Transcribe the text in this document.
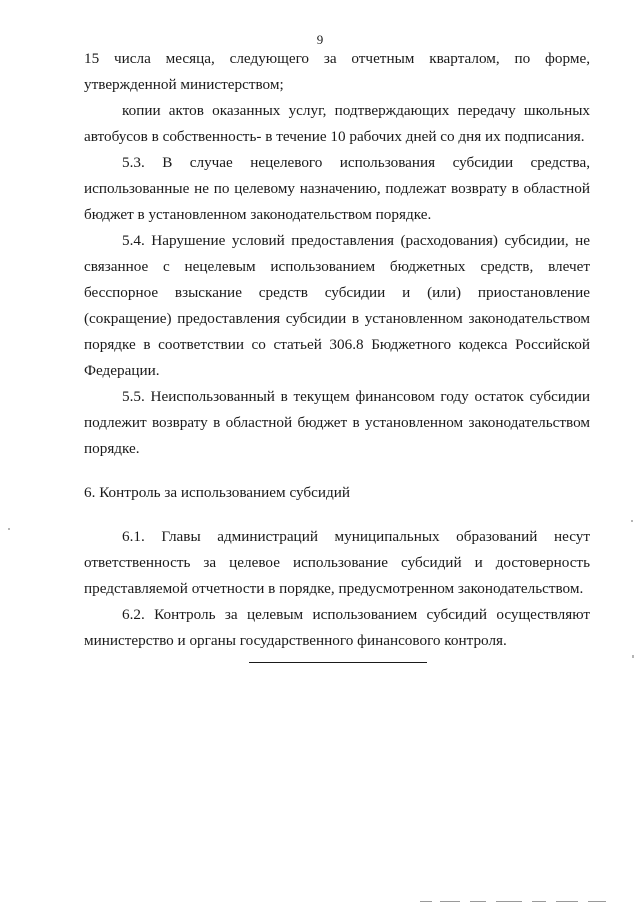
9

15 числа месяца, следующего за отчетным кварталом, по форме, утвержденной министерством;

копии актов оказанных услуг, подтверждающих передачу школьных автобусов в собственность- в течение 10 рабочих дней со дня их подписания.

5.3. В случае нецелевого использования субсидии средства, использованные не по целевому назначению, подлежат возврату в областной бюджет в установленном законодательством порядке.

5.4. Нарушение условий предоставления (расходования) субсидии, не связанное с нецелевым использованием бюджетных средств, влечет бесспорное взыскание средств субсидии и (или) приостановление (сокращение) предоставления субсидии в установленном законодательством порядке в соответствии со статьей 306.8 Бюджетного кодекса Российской Федерации.

5.5. Неиспользованный в текущем финансовом году остаток субсидии подлежит возврату в областной бюджет в установленном законодательством порядке.

6. Контроль за использованием субсидий

6.1. Главы администраций муниципальных образований несут ответственность за целевое использование субсидий и достоверность представляемой отчетности в порядке, предусмотренном законодательством.

6.2. Контроль за целевым использованием субсидий осуществляют министерство и органы государственного финансового контроля.
